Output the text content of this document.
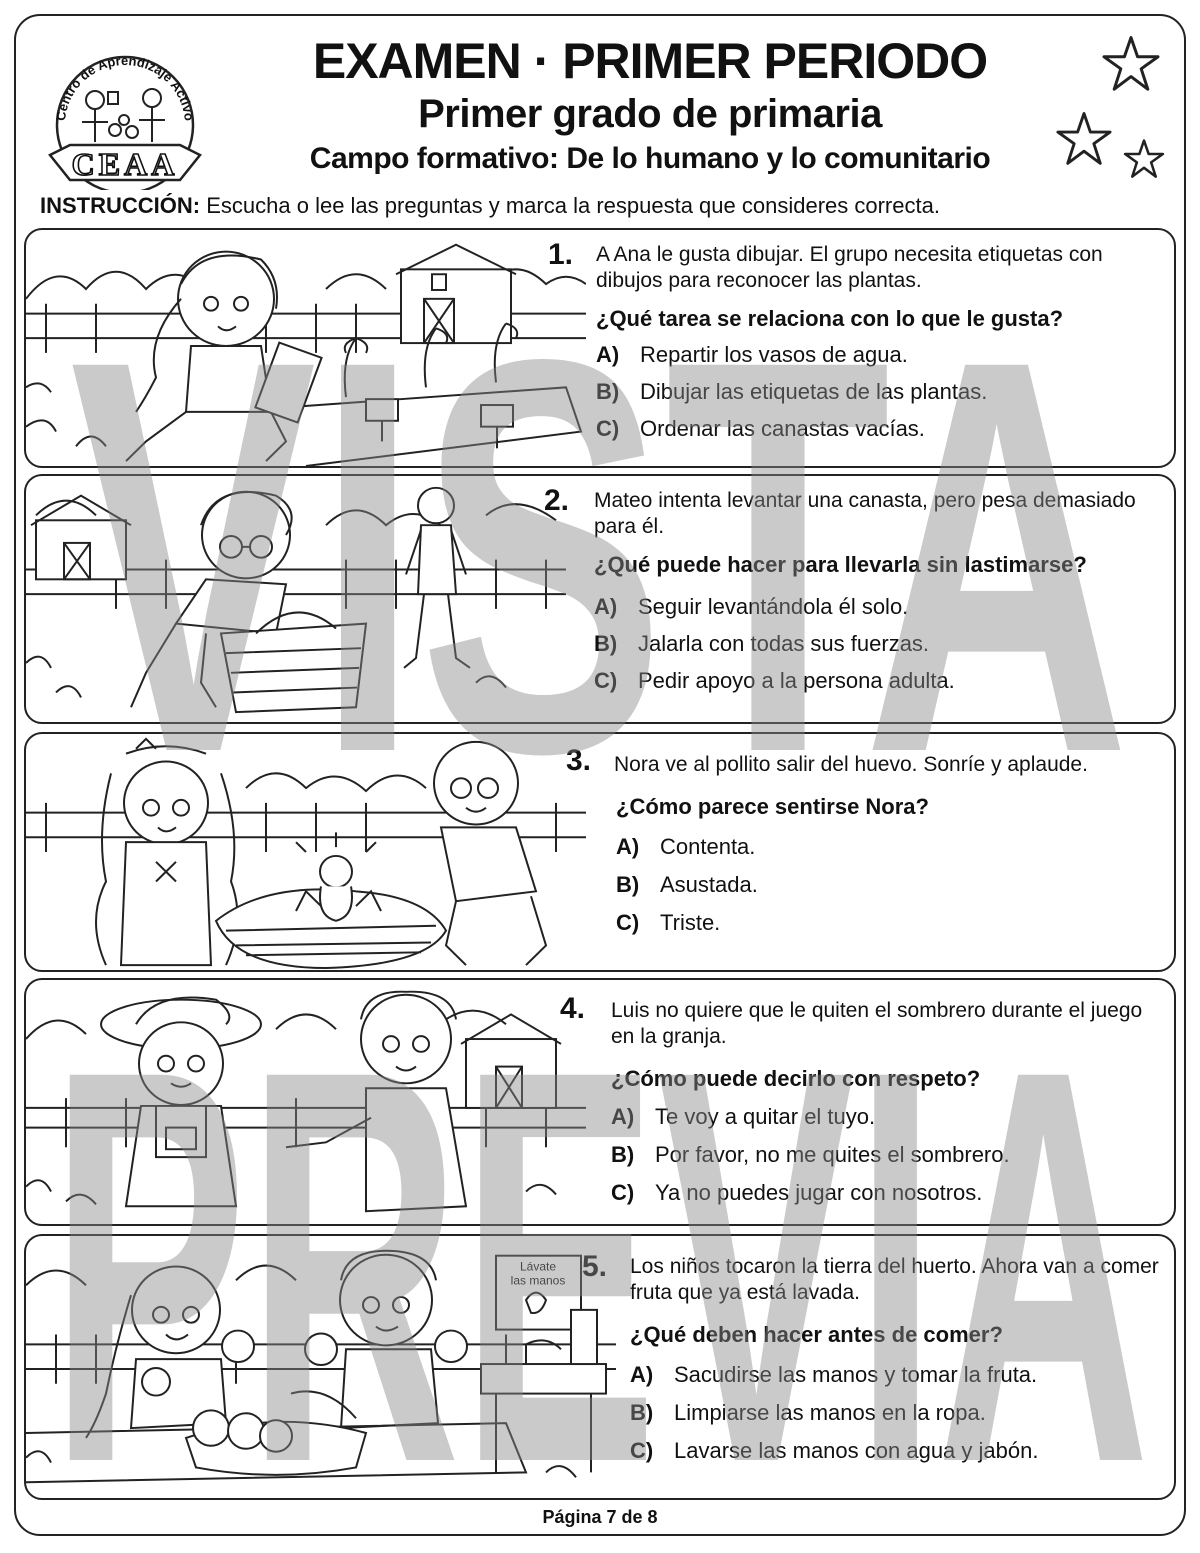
Centro de Aprendizaje Activo
CEAA
EXAMEN · PRIMER PERIODO
Primer grado de primaria
Campo formativo: De lo humano y lo comunitario
INSTRUCCIÓN: Escucha o lee las preguntas y marca la respuesta que consideres correcta.
1. A Ana le gusta dibujar. El grupo necesita etiquetas con dibujos para reconocer las plantas.
¿Qué tarea se relaciona con lo que le gusta?
A) Repartir los vasos de agua.
B) Dibujar las etiquetas de las plantas.
C) Ordenar las canastas vacías.
2. Mateo intenta levantar una canasta, pero pesa demasiado para él.
¿Qué puede hacer para llevarla sin lastimarse?
A) Seguir levantándola él solo.
B) Jalarla con todas sus fuerzas.
C) Pedir apoyo a la persona adulta.
3. Nora ve al pollito salir del huevo. Sonríe y aplaude.
¿Cómo parece sentirse Nora?
A) Contenta.
B) Asustada.
C) Triste.
4. Luis no quiere que le quiten el sombrero durante el juego en la granja.
¿Cómo puede decirlo con respeto?
A) Te voy a quitar el tuyo.
B) Por favor, no me quites el sombrero.
C) Ya no puedes jugar con nosotros.
Lávate las manos 5. Los niños tocaron la tierra del huerto. Ahora van a comer fruta que ya está lavada.
¿Qué deben hacer antes de comer?
A) Sacudirse las manos y tomar la fruta.
B) Limpiarse las manos en la ropa.
C) Lavarse las manos con agua y jabón.
VISTA
PREVIA
Página 7 de 8
